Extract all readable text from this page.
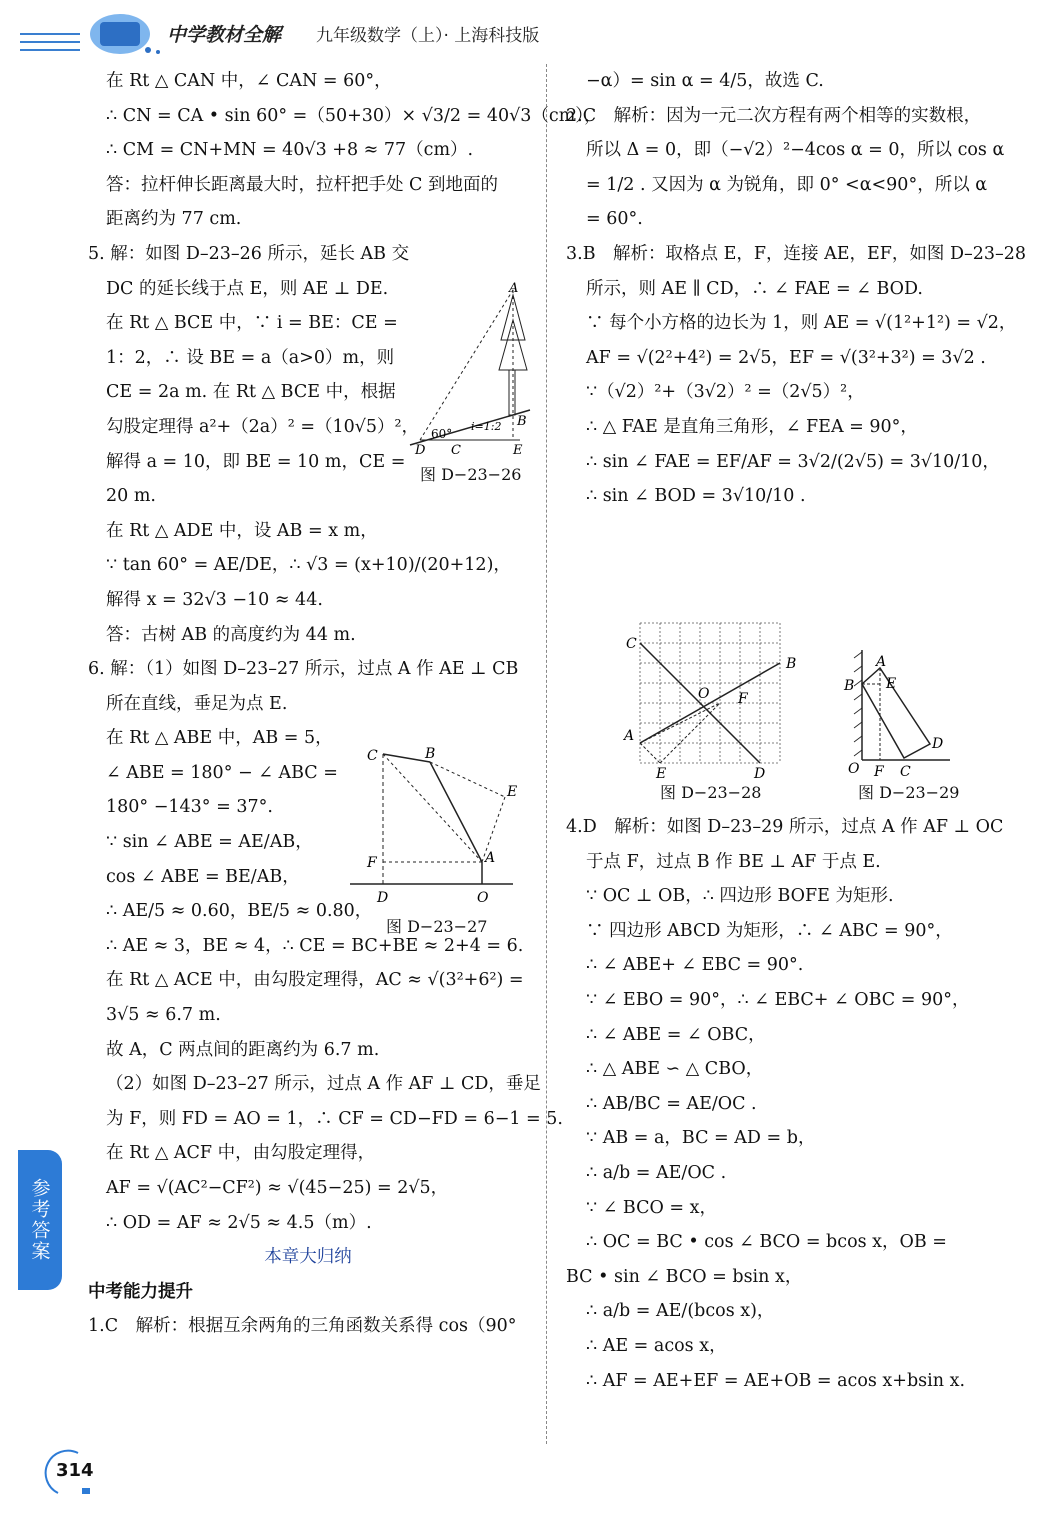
中学教材全解 九年级数学（上）· 上海科技版
在 Rt △ CAN 中，∠ CAN = 60°，
∴ CN = CA • sin 60° =（50+30）× √3/2 = 40√3（cm），
∴ CM = CN+MN = 40√3 +8 ≈ 77（cm）.
答：拉杆伸长距离最大时，拉杆把手处 C 到地面的
距离约为 77 cm.
5. 解：如图 D–23–26 所示，延长 AB 交
DC 的延长线于点 E，则 AE ⊥ DE.
在 Rt △ BCE 中，∵ i = BE：CE =
1：2，∴ 设 BE = a（a>0）m，则
CE = 2a m. 在 Rt △ BCE 中，根据
勾股定理得 a²+（2a）² =（10√5）²，
解得 a = 10，即 BE = 10 m，CE =
20 m.
在 Rt △ ADE 中，设 AB = x m，
∵ tan 60° = AE/DE，∴ √3 = (x+10)/(20+12)，
解得 x = 32√3 −10 ≈ 44.
答：古树 AB 的高度约为 44 m.
6. 解：（1）如图 D–23–27 所示，过点 A 作 AE ⊥ CB
所在直线，垂足为点 E.
在 Rt △ ABE 中，AB = 5，
∠ ABE = 180° − ∠ ABC =
180° −143° = 37°.
∵ sin ∠ ABE = AE/AB，
cos ∠ ABE = BE/AB，
∴ AE/5 ≈ 0.60，BE/5 ≈ 0.80，
∴ AE ≈ 3，BE ≈ 4，∴ CE = BC+BE ≈ 2+4 = 6.
在 Rt △ ACE 中，由勾股定理得，AC ≈ √(3²+6²) =
3√5 ≈ 6.7 m.
故 A，C 两点间的距离约为 6.7 m.
（2）如图 D–23–27 所示，过点 A 作 AF ⊥ CD，垂足
为 F，则 FD = AO = 1，∴ CF = CD−FD = 6−1 = 5.
在 Rt △ ACF 中，由勾股定理得，
AF = √(AC²−CF²) ≈ √(45−25) = 2√5，
∴ OD = AF ≈ 2√5 ≈ 4.5（m）.
本章大归纳
中考能力提升
1.C　解析：根据互余两角的三角函数关系得 cos（90°
−α）= sin α = 4/5，故选 C.
2.C　解析：因为一元二次方程有两个相等的实数根，
所以 Δ = 0，即（−√2）²−4cos α = 0，所以 cos α
= 1/2 . 又因为 α 为锐角，即 0° <α<90°，所以 α
= 60°.
3.B　解析：取格点 E，F，连接 AE，EF，如图 D–23–28
所示，则 AE ∥ CD，∴ ∠ FAE = ∠ BOD.
∵ 每个小方格的边长为 1，则 AE = √(1²+1²) = √2，
AF = √(2²+4²) = 2√5，EF = √(3²+3²) = 3√2 .
∵（√2）²+（3√2）² =（2√5）²，
∴ △ FAE 是直角三角形，∠ FEA = 90°，
∴ sin ∠ FAE = EF/AF = 3√2/(2√5) = 3√10/10，
∴ sin ∠ BOD = 3√10/10 .
4.D　解析：如图 D–23–29 所示，过点 A 作 AF ⊥ OC
于点 F，过点 B 作 BE ⊥ AF 于点 E.
∵ OC ⊥ OB，∴ 四边形 BOFE 为矩形.
∵ 四边形 ABCD 为矩形，∴ ∠ ABC = 90°，
∴ ∠ ABE+ ∠ EBC = 90°.
∵ ∠ EBO = 90°，∴ ∠ EBC+ ∠ OBC = 90°，
∴ ∠ ABE = ∠ OBC，
∴ △ ABE ∽ △ CBO，
∴ AB/BC = AE/OC .
∵ AB = a，BC = AD = b，
∴ a/b = AE/OC .
∵ ∠ BCO = x，
∴ OC = BC • cos ∠ BCO = bcos x，OB =
BC • sin ∠ BCO = bsin x，
∴ a/b = AE/(bcos x)，
∴ AE = acos x，
∴ AF = AE+EF = AE+OB = acos x+bsin x.
A
B
C
D	E
60°
i=1:2
图 D−23−26
C	B
E
F	A
D	O
图 D−23−27
C
B
O F
A
E	D
图 D−23−28
A
B E
D
O F C
图 D−23−29
参考答案
314
